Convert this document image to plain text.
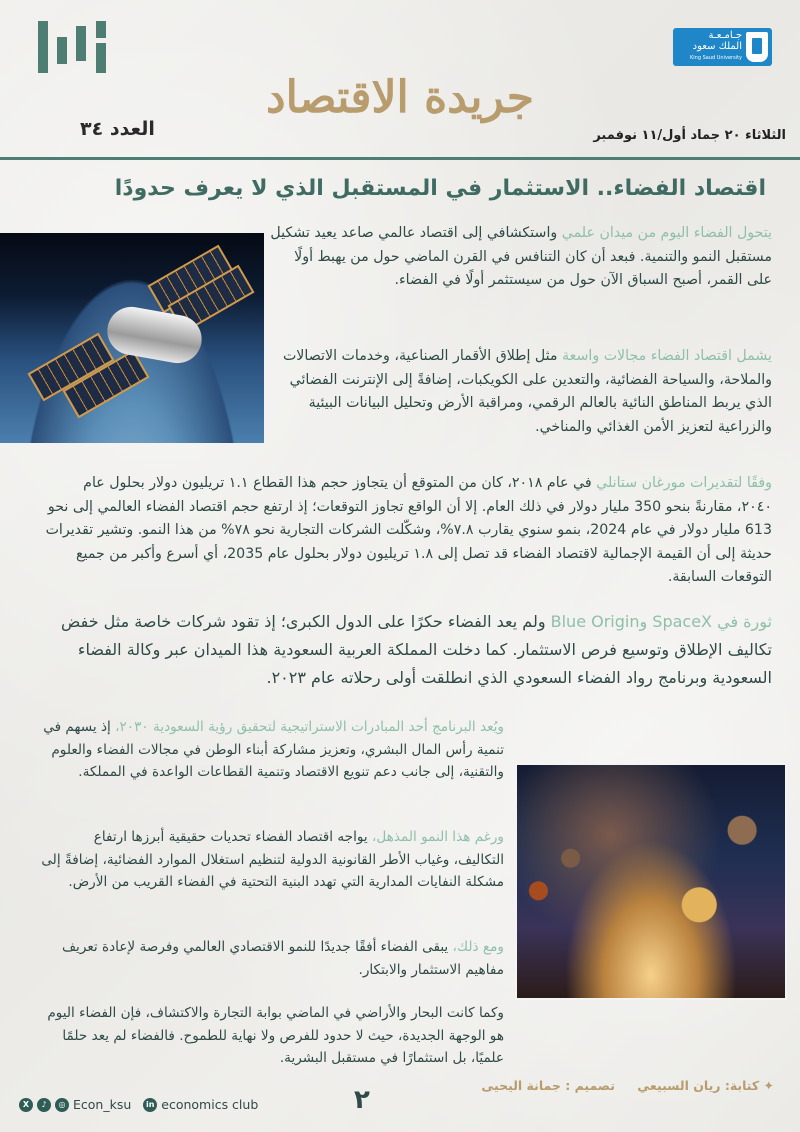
جـامـعـة
الملك سعود
King Saud University
جريدة الاقتصاد
العدد ٣٤	الثلاثاء ٢٠ جماد أول/١١ نوفمبر
اقتصاد الفضاء.. الاستثمار في المستقبل الذي لا يعرف حدودًا
يتحول الفضاء اليوم من ميدان علمي واستكشافي إلى اقتصاد عالمي صاعد يعيد تشكيل مستقبل النمو والتنمية. فبعد أن كان التنافس في القرن الماضي حول من يهبط أولًا على القمر، أصبح السباق الآن حول من سيستثمر أولًا في الفضاء.
يشمل اقتصاد الفضاء مجالات واسعة مثل إطلاق الأقمار الصناعية، وخدمات الاتصالات والملاحة، والسياحة الفضائية، والتعدين على الكويكبات، إضافةً إلى الإنترنت الفضائي الذي يربط المناطق النائية بالعالم الرقمي، ومراقبة الأرض وتحليل البيانات البيئية والزراعية لتعزيز الأمن الغذائي والمناخي.
وفقًا لتقديرات مورغان ستانلي في عام ٢٠١٨، كان من المتوقع أن يتجاوز حجم هذا القطاع ١.١ تريليون دولار بحلول عام ٢٠٤٠، مقارنةً بنحو 350 مليار دولار في ذلك العام. إلا أن الواقع تجاوز التوقعات؛ إذ ارتفع حجم اقتصاد الفضاء العالمي إلى نحو 613 مليار دولار في عام 2024، بنمو سنوي يقارب ٧.٨%، وشكّلت الشركات التجارية نحو ٧٨% من هذا النمو. وتشير تقديرات حديثة إلى أن القيمة الإجمالية لاقتصاد الفضاء قد تصل إلى ١.٨ تريليون دولار بحلول عام 2035، أي أسرع وأكبر من جميع التوقعات السابقة.
ثورة في SpaceX وBlue Origin ولم يعد الفضاء حكرًا على الدول الكبرى؛ إذ تقود شركات خاصة مثل خفض تكاليف الإطلاق وتوسيع فرص الاستثمار. كما دخلت المملكة العربية السعودية هذا الميدان عبر وكالة الفضاء السعودية وبرنامج رواد الفضاء السعودي الذي انطلقت أولى رحلاته عام ٢٠٢٣.
ويُعد البرنامج أحد المبادرات الاستراتيجية لتحقيق رؤية السعودية ٢٠٣٠، إذ يسهم في تنمية رأس المال البشري، وتعزيز مشاركة أبناء الوطن في مجالات الفضاء والعلوم والتقنية، إلى جانب دعم تنويع الاقتصاد وتنمية القطاعات الواعدة في المملكة.
ورغم هذا النمو المذهل، يواجه اقتصاد الفضاء تحديات حقيقية أبرزها ارتفاع التكاليف، وغياب الأطر القانونية الدولية لتنظيم استغلال الموارد الفضائية، إضافةً إلى مشكلة النفايات المدارية التي تهدد البنية التحتية في الفضاء القريب من الأرض.
ومع ذلك، يبقى الفضاء أفقًا جديدًا للنمو الاقتصادي العالمي وفرصة لإعادة تعريف مفاهيم الاستثمار والابتكار.
وكما كانت البحار والأراضي في الماضي بوابة التجارة والاكتشاف، فإن الفضاء اليوم هو الوجهة الجديدة، حيث لا حدود للفرص ولا نهاية للطموح. فالفضاء لم يعد حلمًا علميًا، بل استثمارًا في مستقبل البشرية.
X	♪	◎ Econ_ksu	in economics club	٢	✦ كتابة: ريان السبيعي تصميم : جمانة اليحيى
